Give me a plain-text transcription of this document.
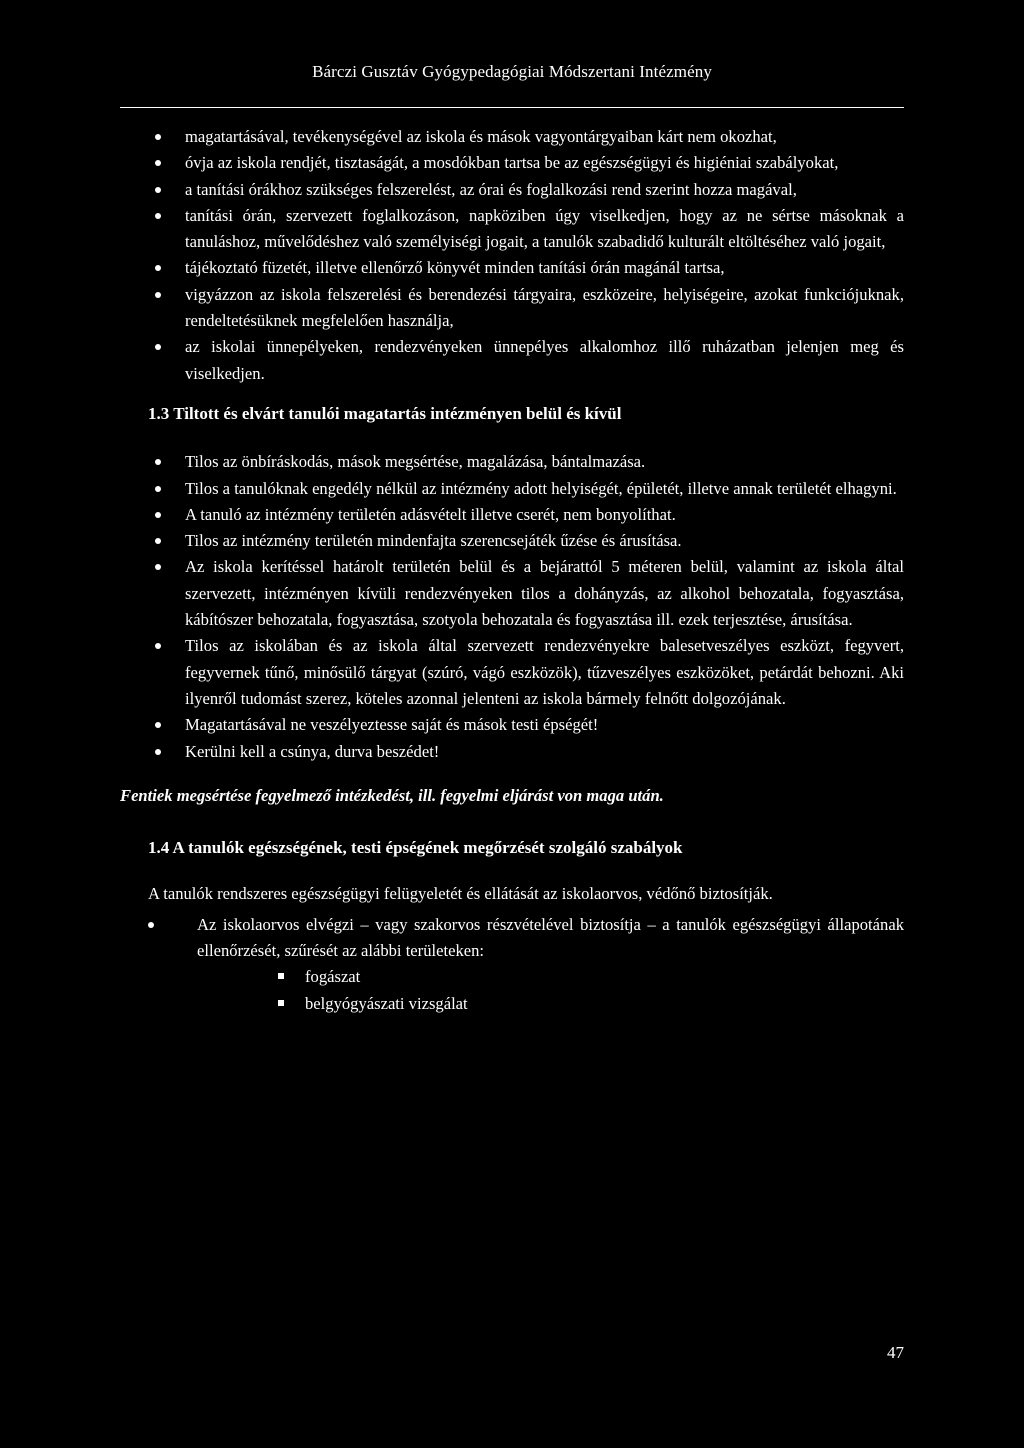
Bárczi Gusztáv Gyógypedagógiai Módszertani Intézmény
magatartásával, tevékenységével az iskola és mások vagyontárgyaiban kárt nem okozhat,
óvja az iskola rendjét, tisztaságát, a mosdókban tartsa be az egészségügyi és higiéniai szabályokat,
a tanítási órákhoz szükséges felszerelést, az órai és foglalkozási rend szerint hozza magával,
tanítási órán, szervezett foglalkozáson, napköziben úgy viselkedjen, hogy az ne sértse másoknak a tanuláshoz, művelődéshez való személyiségi jogait, a tanulók szabadidő kulturált eltöltéséhez való jogait,
tájékoztató füzetét, illetve ellenőrző könyvét minden tanítási órán magánál tartsa,
vigyázzon az iskola felszerelési és berendezési tárgyaira, eszközeire, helyiségeire, azokat funkciójuknak, rendeltetésüknek megfelelően használja,
az iskolai ünnepélyeken, rendezvényeken ünnepélyes alkalomhoz illő ruházatban jelenjen meg és viselkedjen.

1.3 Tiltott és elvárt tanulói magatartás intézményen belül és kívül

Tilos az önbíráskodás, mások megsértése, magalázása, bántalmazása.
Tilos a tanulóknak engedély nélkül az intézmény adott helyiségét, épületét, illetve annak területét elhagyni.
A tanuló az intézmény területén adásvételt illetve cserét, nem bonyolíthat.
Tilos az intézmény területén mindenfajta szerencsejáték űzése és árusítása.
Az iskola kerítéssel határolt területén belül és a bejárattól 5 méteren belül, valamint az iskola által szervezett, intézményen kívüli rendezvényeken tilos a dohányzás, az alkohol behozatala, fogyasztása, kábítószer behozatala, fogyasztása, szotyola behozatala és fogyasztása ill. ezek terjesztése, árusítása.
Tilos az iskolában és az iskola által szervezett rendezvényekre balesetveszélyes eszközt, fegyvert, fegyvernek tűnő, minősülő tárgyat (szúró, vágó eszközök), tűzveszélyes eszközöket, petárdát behozni. Aki ilyenről tudomást szerez, köteles azonnal jelenteni az iskola bármely felnőtt dolgozójának.
Magatartásával ne veszélyeztesse saját és mások testi épségét!
Kerülni kell a csúnya, durva beszédet!

Fentiek megsértése fegyelmező intézkedést, ill. fegyelmi eljárást von maga után.

1.4 A tanulók egészségének, testi épségének megőrzését szolgáló szabályok

A tanulók rendszeres egészségügyi felügyeletét és ellátását az iskolaorvos, védőnő biztosítják.

Az iskolaorvos elvégzi – vagy szakorvos részvételével biztosítja – a tanulók egészségügyi állapotának ellenőrzését, szűrését az alábbi területeken:
fogászat
belgyógyászati vizsgálat
47
